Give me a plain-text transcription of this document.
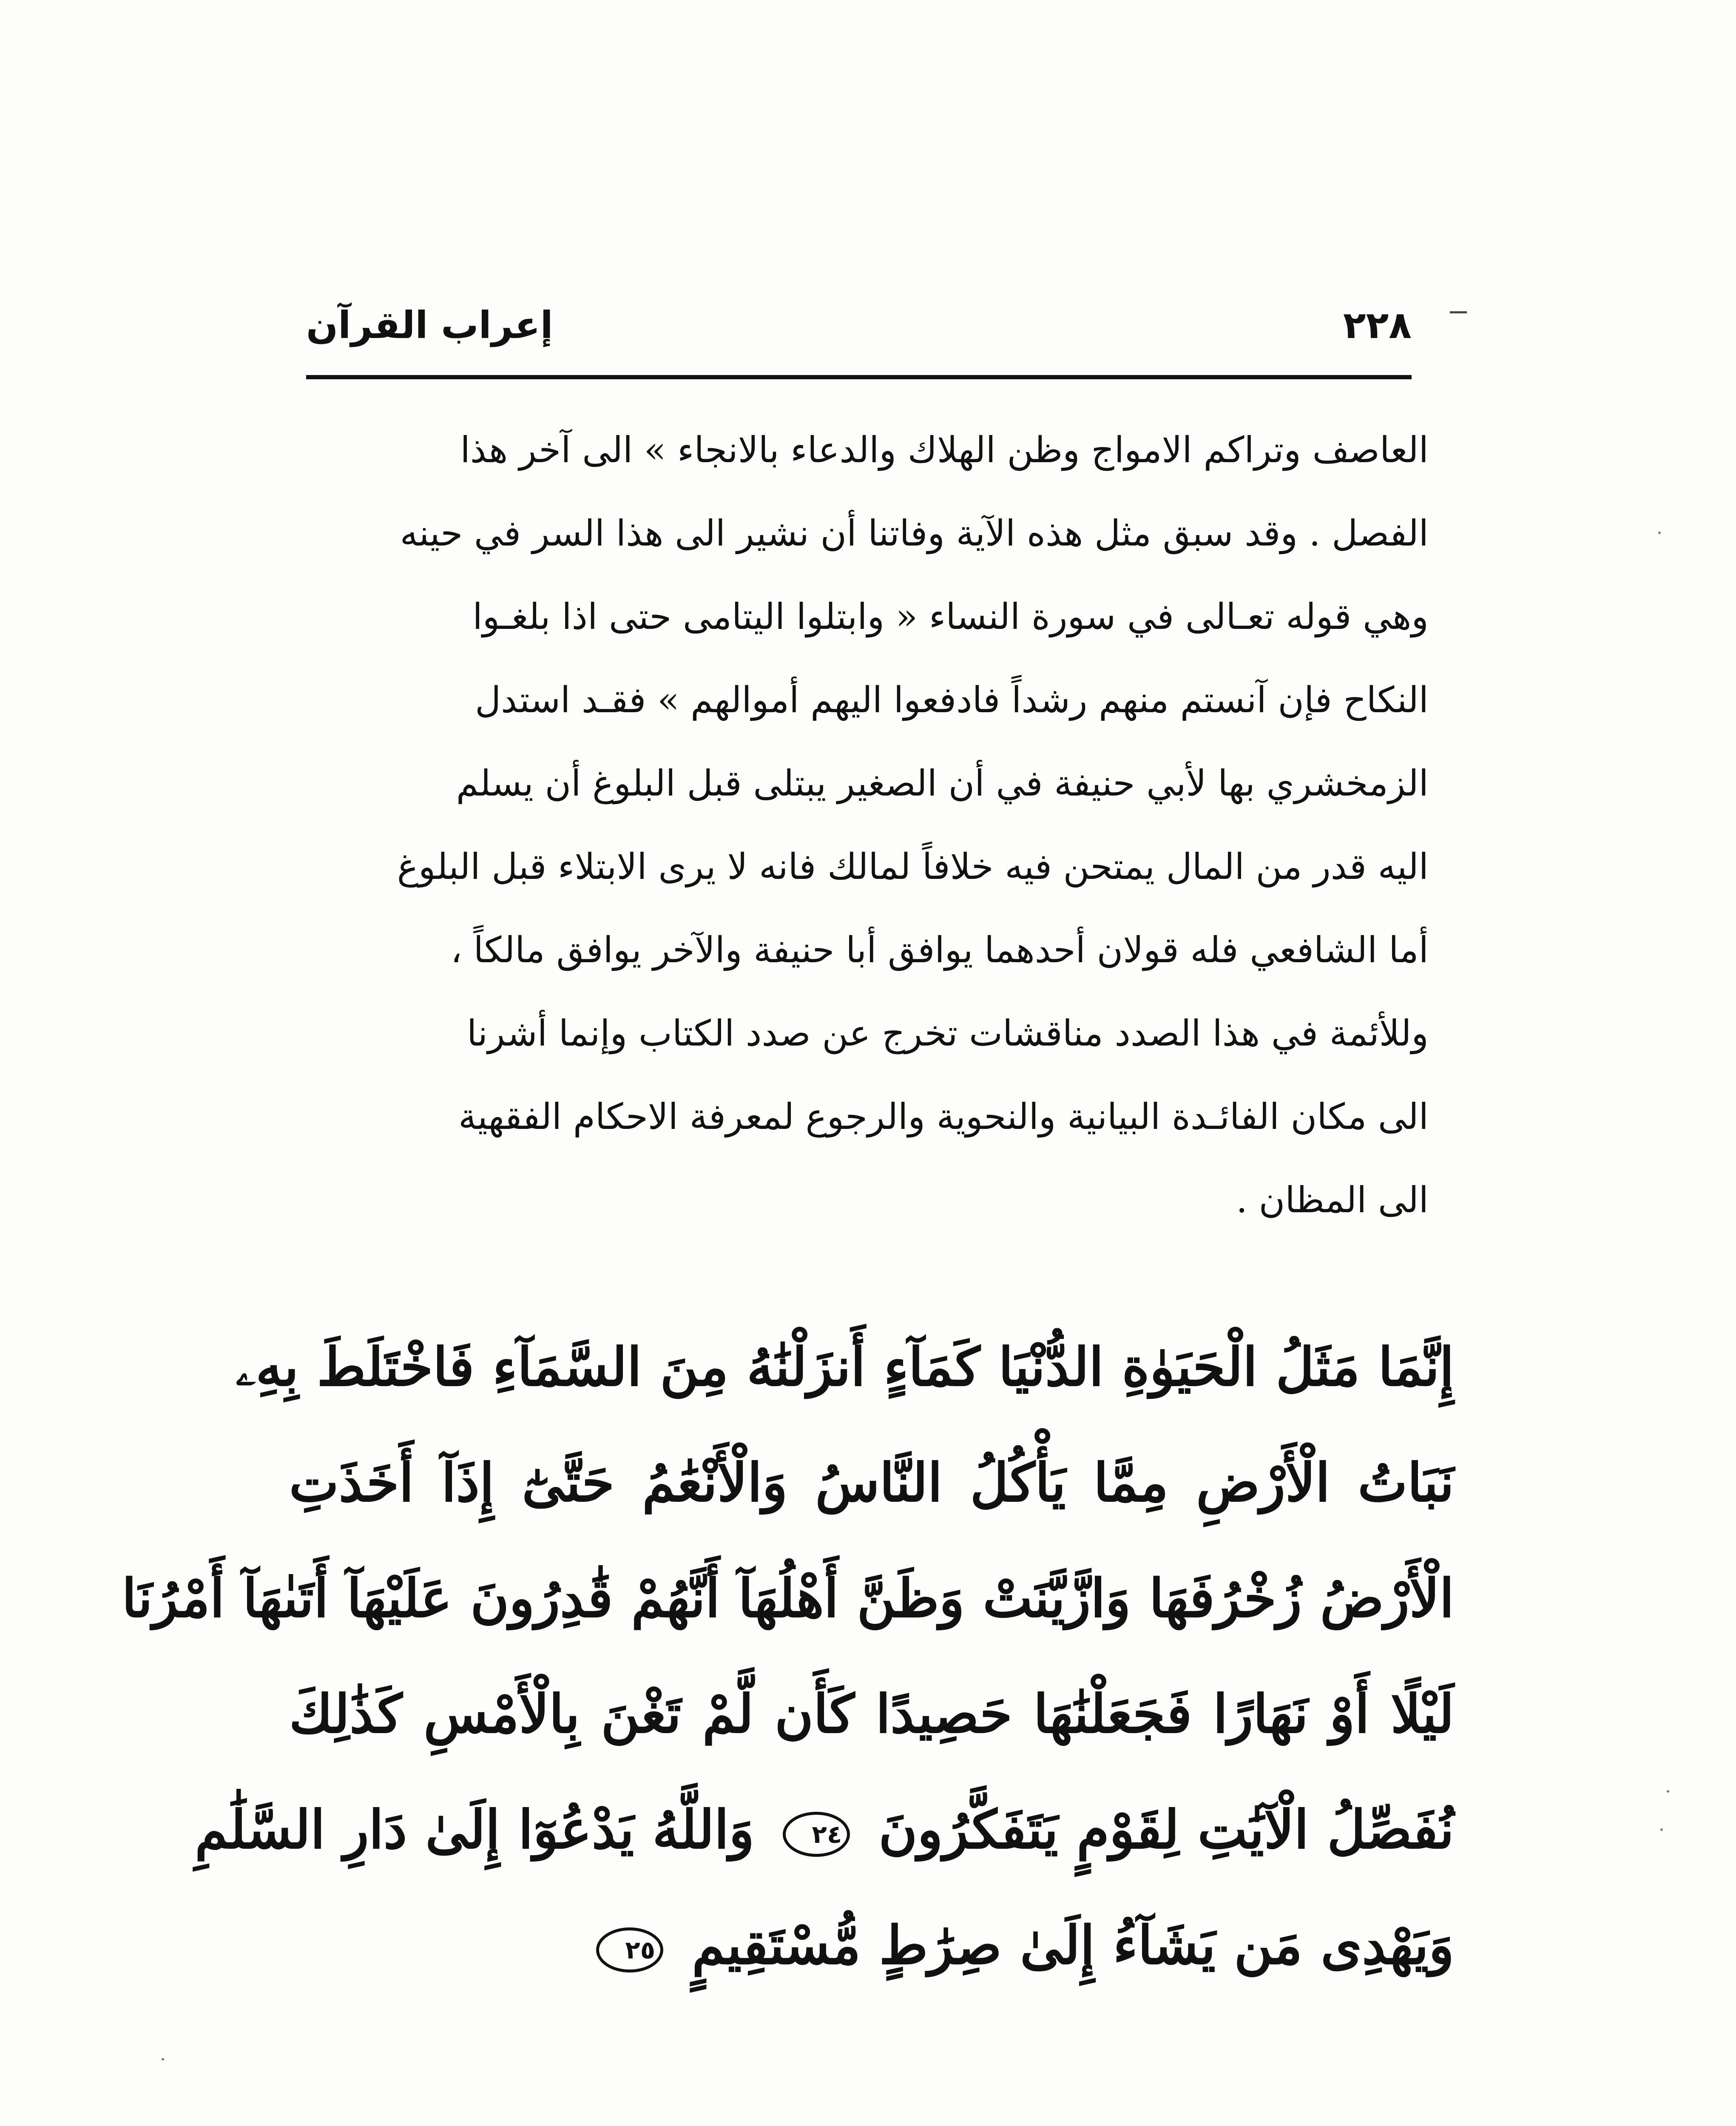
٢٢٨
إعراب القرآن
العاصف وتراكم الامواج وظن الهلاك والدعاء بالانجاء » الى آخر هذا
الفصل . وقد سبق مثل هذه الآية وفاتنا أن نشير الى هذا السر في حينه
وهي قوله تعـالى في سورة النساء « وابتلوا اليتامى حتى اذا بلغـوا
النكاح فإن آنستم منهم رشداً فادفعوا اليهم أموالهم » فقـد استدل
الزمخشري بها لأبي حنيفة في أن الصغير يبتلى قبل البلوغ أن يسلم
اليه قدر من المال يمتحن فيه خلافاً لمالك فانه لا يرى الابتلاء قبل البلوغ
أما الشافعي فله قولان أحدهما يوافق أبا حنيفة والآخر يوافق مالكاً ،
وللأئمة في هذا الصدد مناقشات تخرج عن صدد الكتاب وإنما أشرنا
الى مكان الفائـدة البيانية والنحوية والرجوع لمعرفة الاحكام الفقهية
الى المظان .
إِنَّمَا مَثَلُ الْحَيَوٰةِ الدُّنْيَا كَمَآءٍ أَنزَلْنَٰهُ مِنَ السَّمَآءِ فَاخْتَلَطَ بِهِۦ
نَبَاتُ الْأَرْضِ مِمَّا يَأْكُلُ النَّاسُ وَالْأَنْعَٰمُ حَتَّىٰٓ إِذَآ أَخَذَتِ
الْأَرْضُ زُخْرُفَهَا وَازَّيَّنَتْ وَظَنَّ أَهْلُهَآ أَنَّهُمْ قَٰدِرُونَ عَلَيْهَآ أَتَىٰهَآ أَمْرُنَا
لَيْلًا أَوْ نَهَارًا فَجَعَلْنَٰهَا حَصِيدًا كَأَن لَّمْ تَغْنَ بِالْأَمْسِ كَذَٰلِكَ
نُفَصِّلُ الْآيَٰتِ لِقَوْمٍ يَتَفَكَّرُونَ ٢٤ وَاللَّهُ يَدْعُوٓا إِلَىٰ دَارِ السَّلَٰمِ
وَيَهْدِى مَن يَشَآءُ إِلَىٰ صِرَٰطٍ مُّسْتَقِيمٍ ٢٥
